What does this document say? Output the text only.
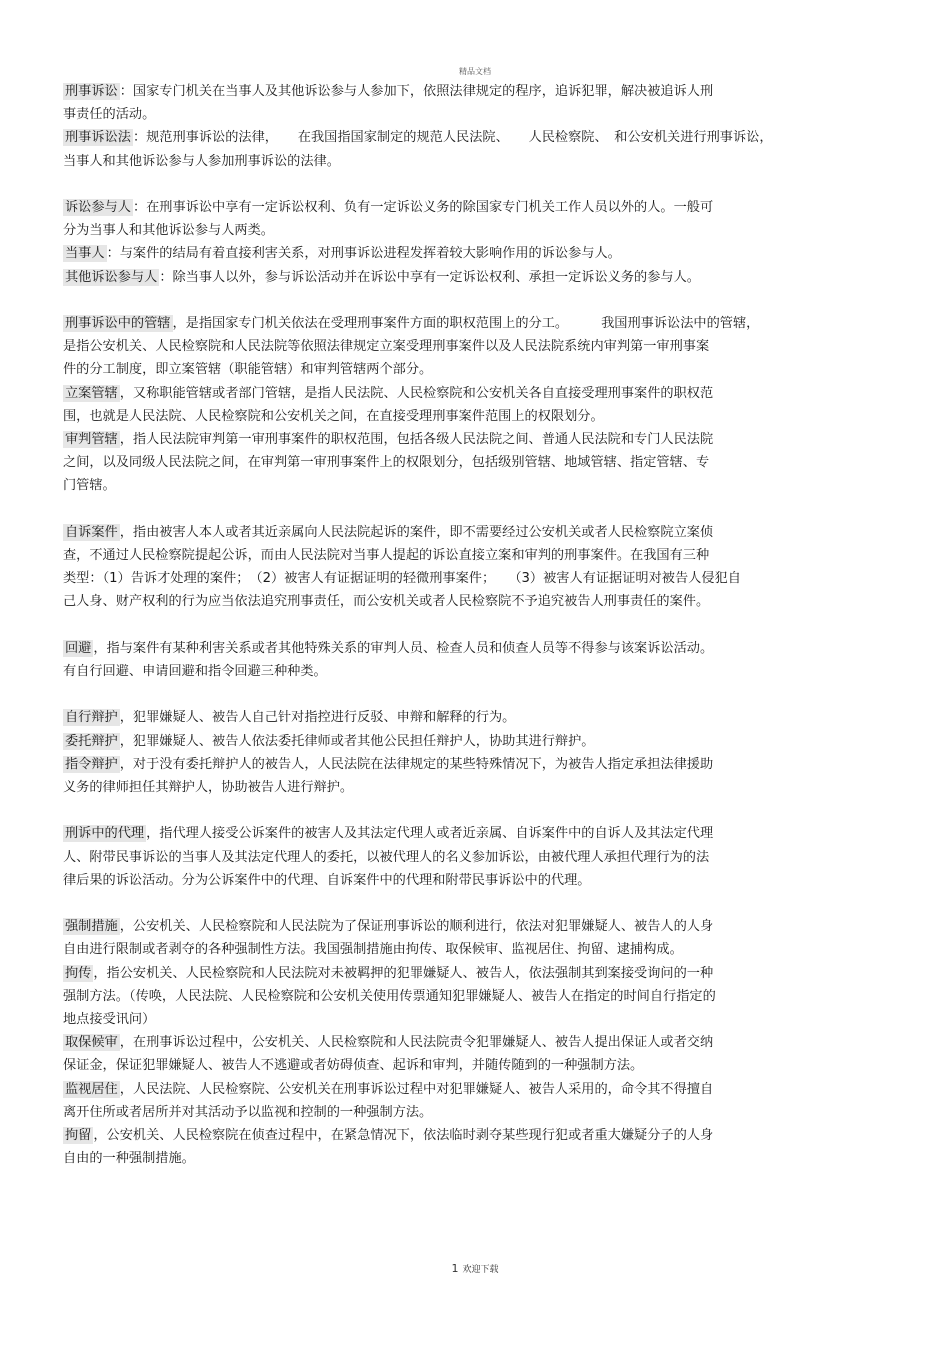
精品文档

刑事诉讼 ：国家专门机关在当事人及其他诉讼参与人参加下，依照法律规定的程序，追诉犯罪，解决被追诉人刑

事责任的活动。

刑事诉讼法 ：规范刑事诉讼的法律，　　在我国指国家制定的规范人民法院、　　人民检察院、　和公安机关进行刑事诉讼，

当事人和其他诉讼参与人参加刑事诉讼的法律。

诉讼参与人 ：在刑事诉讼中享有一定诉讼权利、负有一定诉讼义务的除国家专门机关工作人员以外的人。一般可

分为当事人和其他诉讼参与人两类。

当事人 ：与案件的结局有着直接利害关系，对刑事诉讼进程发挥着较大影响作用的诉讼参与人。

其他诉讼参与人 ：除当事人以外，参与诉讼活动并在诉讼中享有一定诉讼权利、承担一定诉讼义务的参与人。

刑事诉讼中的管辖 ，是指国家专门机关依法在受理刑事案件方面的职权范围上的分工。　　　我国刑事诉讼法中的管辖，

是指公安机关、人民检察院和人民法院等依照法律规定立案受理刑事案件以及人民法院系统内审判第一审刑事案

件的分工制度，即立案管辖（职能管辖）和审判管辖两个部分。

立案管辖 ，又称职能管辖或者部门管辖，是指人民法院、人民检察院和公安机关各自直接受理刑事案件的职权范

围，也就是人民法院、人民检察院和公安机关之间，在直接受理刑事案件范围上的权限划分。

审判管辖 ，指人民法院审判第一审刑事案件的职权范围，包括各级人民法院之间、普通人民法院和专门人民法院

之间，以及同级人民法院之间，在审判第一审刑事案件上的权限划分，包括级别管辖、地域管辖、指定管辖、专

门管辖。

自诉案件 ，指由被害人本人或者其近亲属向人民法院起诉的案件，即不需要经过公安机关或者人民检察院立案侦

查，不通过人民检察院提起公诉，而由人民法院对当事人提起的诉讼直接立案和审判的刑事案件。在我国有三种

类型：（1）告诉才处理的案件；　（2）被害人有证据证明的轻微刑事案件；　　（3）被害人有证据证明对被告人侵犯自

己人身、财产权利的行为应当依法追究刑事责任，而公安机关或者人民检察院不予追究被告人刑事责任的案件。

回避 ，指与案件有某种利害关系或者其他特殊关系的审判人员、检查人员和侦查人员等不得参与该案诉讼活动。

有自行回避、申请回避和指令回避三种种类。

自行辩护 ，犯罪嫌疑人、被告人自己针对指控进行反驳、申辩和解释的行为。

委托辩护 ，犯罪嫌疑人、被告人依法委托律师或者其他公民担任辩护人，协助其进行辩护。

指令辩护 ，对于没有委托辩护人的被告人，人民法院在法律规定的某些特殊情况下，为被告人指定承担法律援助

义务的律师担任其辩护人，协助被告人进行辩护。

刑诉中的代理 ，指代理人接受公诉案件的被害人及其法定代理人或者近亲属、自诉案件中的自诉人及其法定代理

人、附带民事诉讼的当事人及其法定代理人的委托，以被代理人的名义参加诉讼，由被代理人承担代理行为的法

律后果的诉讼活动。分为公诉案件中的代理、自诉案件中的代理和附带民事诉讼中的代理。

强制措施 ，公安机关、人民检察院和人民法院为了保证刑事诉讼的顺利进行，依法对犯罪嫌疑人、被告人的人身

自由进行限制或者剥夺的各种强制性方法。我国强制措施由拘传、取保候审、监视居住、拘留、逮捕构成。

拘传 ，指公安机关、人民检察院和人民法院对未被羁押的犯罪嫌疑人、被告人，依法强制其到案接受询问的一种

强制方法。（传唤，人民法院、人民检察院和公安机关使用传票通知犯罪嫌疑人、被告人在指定的时间自行指定的

地点接受讯问）

取保候审 ，在刑事诉讼过程中，公安机关、人民检察院和人民法院责令犯罪嫌疑人、被告人提出保证人或者交纳

保证金，保证犯罪嫌疑人、被告人不逃避或者妨碍侦查、起诉和审判，并随传随到的一种强制方法。

监视居住 ，人民法院、人民检察院、公安机关在刑事诉讼过程中对犯罪嫌疑人、被告人采用的，命令其不得擅自

离开住所或者居所并对其活动予以监视和控制的一种强制方法。

拘留 ，公安机关、人民检察院在侦查过程中，在紧急情况下，依法临时剥夺某些现行犯或者重大嫌疑分子的人身

自由的一种强制措施。

1 欢迎下载
